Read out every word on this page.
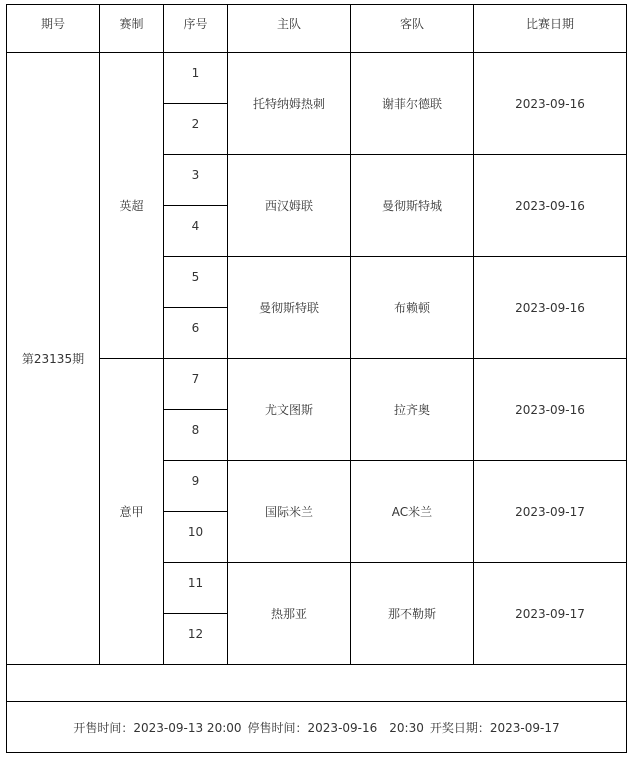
期号	赛制	序号	主队	客队	比赛日期
第23135期	英超	1	托特纳姆热刺	谢菲尔德联	2023-09-16
		2			
		3	西汉姆联	曼彻斯特城	2023-09-16
		4			
		5	曼彻斯特联	布赖顿	2023-09-16
		6			
	意甲	7	尤文图斯	拉齐奥	2023-09-16
		8			
		9	国际米兰	AC米兰	2023-09-17
		10			
		11	热那亚	那不勒斯	2023-09-17
		12			

开售时间：2023-09-13 20:00 停售时间：2023-09-16　20:30 开奖日期：2023-09-17					
